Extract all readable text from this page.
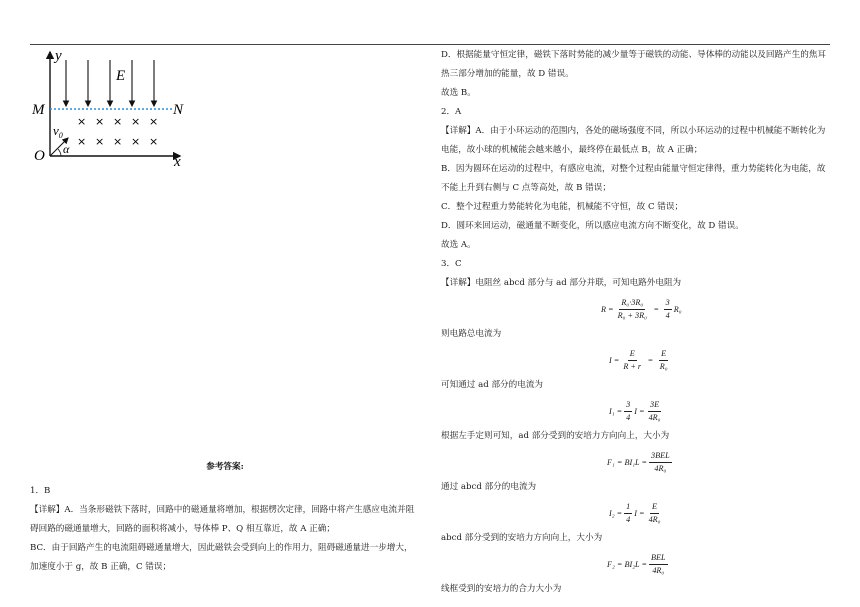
× × × × ×
× × × × ×
y
x
E
M	N
O
$v_0$
α
参考答案:
1．B
【详解】A．当条形磁铁下落时，回路中的磁通量将增加，根据楞次定律，回路中将产生感应电流并阻
碍回路的磁通量增大，回路的面积将减小，导体棒 P、Q 相互靠近，故 A 正确；
BC．由于回路产生的电流阻碍磁通量增大，因此磁铁会受到向上的作用力，阻碍磁通量进一步增大，
加速度小于 g，故 B 正确，C 错误；
D．根据能量守恒定律，磁铁下落时势能的减少量等于磁铁的动能、导体棒的动能以及回路产生的焦耳
热三部分增加的能量，故 D 错误。
故选 B。
2．A
【详解】A．由于小环运动的范围内，各处的磁场强度不同，所以小环运动的过程中机械能不断转化为
电能，故小球的机械能会越来越小，最终停在最低点 B，故 A 正确；
B．因为圆环在运动的过程中，有感应电流，对整个过程由能量守恒定律得，重力势能转化为电能，故
不能上升到右侧与 C 点等高处，故 B 错误；
C．整个过程重力势能转化为电能，机械能不守恒，故 C 错误；
D．圆环来回运动，磁通量不断变化，所以感应电流方向不断变化，故 D 错误。
故选 A。
3．C
【详解】电阻丝 abcd 部分与 ad 部分并联，可知电路外电阻为
$R = \frac{\text{R₀·3R₀}}{\text{R₀ + 3R₀}} = \frac{3}{4} R_0$
则电路总电流为
$I = \frac{E}{R + r} = \frac{E}{\text{R₀}}$
可知通过 ad 部分的电流为
$I_1 = \frac{3}{4}$ $I = \frac{3E}{\text{4R₀}}$
根据左手定则可知，ad 部分受到的安培力方向向上，大小为
$F_1 = BI_1L = \frac{\text{3BEL}}{\text{4R₀}}$
通过 abcd 部分的电流为
$I_2 = \frac{1}{4}$ $I = \frac{E}{\text{4R₀}}$
abcd 部分受到的安培力方向向上，大小为
$F_2 = BI_2L = \frac{\text{BEL}}{\text{4R₀}}$
线框受到的安培力的合力大小为
